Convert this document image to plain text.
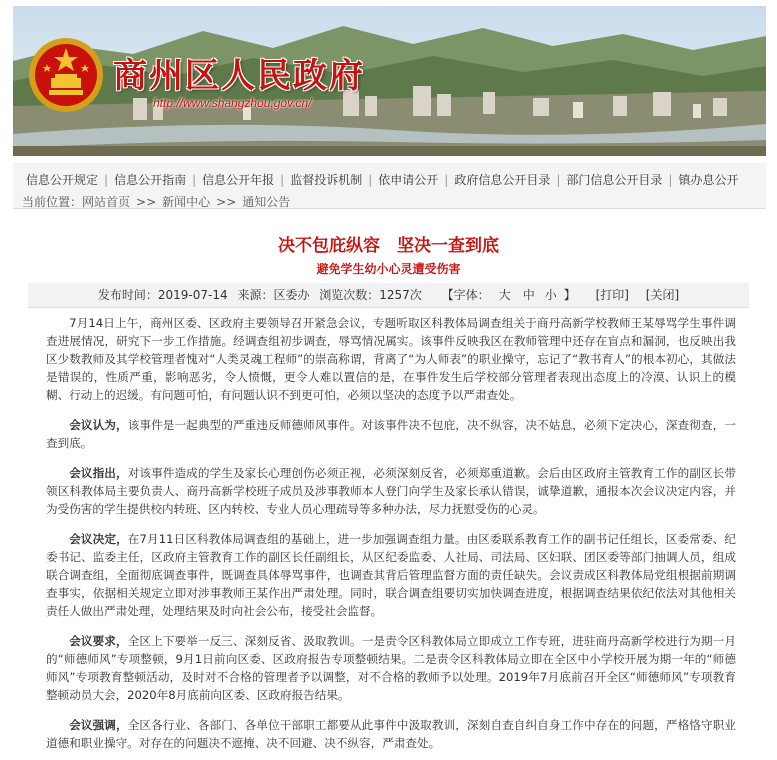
商州区人民政府
http://www.shangzhou.gov.cn/
信息公开规定 | 信息公开指南 | 信息公开年报 | 监督投诉机制 | 依申请公开 | 政府信息公开目录 | 部门信息公开目录 | 镇办息公开
当前位置：网站首页 >> 新闻中心 >> 通知公告
决不包庇纵容　坚决一查到底
避免学生幼小心灵遭受伤害
发布时间：2019-07-14 来源：区委办 浏览次数：1257次 【字体： 大 中 小 】 [打印] [关闭]

7月14日上午，商州区委、区政府主要领导召开紧急会议，专题听取区科教体局调查组关于商丹高新学校教师王某辱骂学生事件调查进展情况，研究下一步工作措施。经调查组初步调查，辱骂情况属实。该事件反映我区在教师管理中还存在盲点和漏洞，也反映出我区少数教师及其学校管理者愧对“人类灵魂工程师”的崇高称谓，背离了“为人师表”的职业操守，忘记了“教书育人”的根本初心，其做法是错误的，性质严重，影响恶劣，令人愤慨，更令人难以置信的是，在事件发生后学校部分管理者表现出态度上的冷漠、认识上的模糊、行动上的迟缓。有问题可怕，有问题认识不到更可怕，必须以坚决的态度予以严肃查处。

会议认为，该事件是一起典型的严重违反师德师风事件。对该事件决不包庇，决不纵容，决不姑息，必须下定决心，深查彻查，一查到底。

会议指出，对该事件造成的学生及家长心理创伤必须正视，必须深刻反省，必须郑重道歉。会后由区政府主管教育工作的副区长带领区科教体局主要负责人、商丹高新学校班子成员及涉事教师本人登门向学生及家长承认错误，诚挚道歉，通报本次会议决定内容，并为受伤害的学生提供校内转班、区内转校、专业人员心理疏导等多种办法，尽力抚慰受伤的心灵。

会议决定，在7月11日区科教体局调查组的基础上，进一步加强调查组力量。由区委联系教育工作的副书记任组长，区委常委、纪委书记、监委主任，区政府主管教育工作的副区长任副组长，从区纪委监委、人社局、司法局、区妇联、团区委等部门抽调人员，组成联合调查组，全面彻底调查事件，既调查具体辱骂事件，也调查其背后管理监督方面的责任缺失。会议责成区科教体局党组根据前期调查事实，依据相关规定立即对涉事教师王某作出严肃处理。同时，联合调查组要切实加快调查进度，根据调查结果依纪依法对其他相关责任人做出严肃处理，处理结果及时向社会公布，接受社会监督。

会议要求，全区上下要举一反三、深刻反省、汲取教训。一是责令区科教体局立即成立工作专班，进驻商丹高新学校进行为期一月的“师德师风”专项整顿，9月1日前向区委、区政府报告专项整顿结果。二是责令区科教体局立即在全区中小学校开展为期一年的“师德师风”专项教育整顿活动，及时对不合格的管理者予以调整，对不合格的教师予以处理。2019年7月底前召开全区“师德师风”专项教育整顿动员大会，2020年8月底前向区委、区政府报告结果。

会议强调，全区各行业、各部门、各单位干部职工都要从此事件中汲取教训，深刻自查自纠自身工作中存在的问题，严格恪守职业道德和职业操守。对存在的问题决不遮掩、决不回避、决不纵容，严肃查处。
